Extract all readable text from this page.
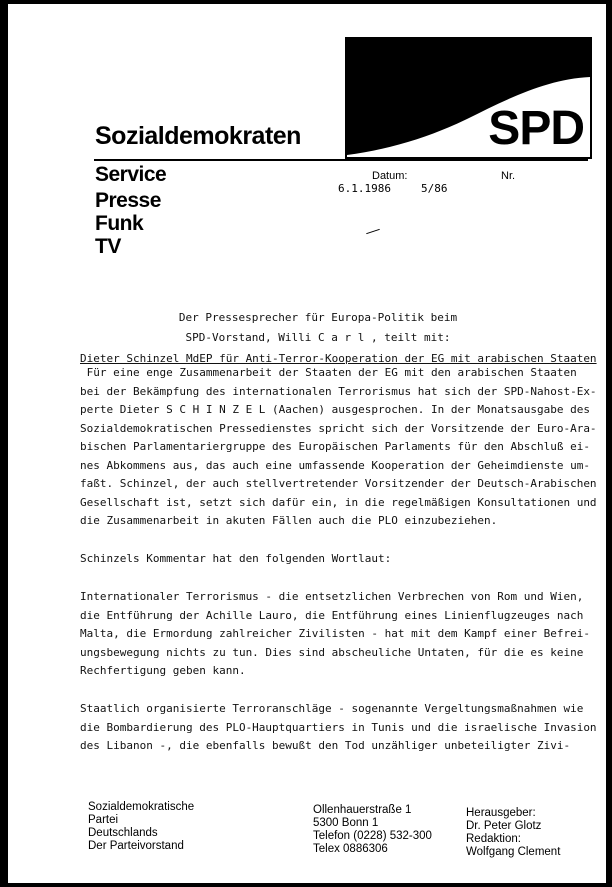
SPD
Sozialdemokraten
Service
Presse
Funk
TV
Datum:	Nr.
6.1.1986	5/86
Der Pressesprecher für Europa-Politik beim
SPD-Vorstand, Willi C a r l , teilt mit:
Dieter Schinzel MdEP für Anti-Terror-Kooperation der EG mit arabischen Staaten
Für eine enge Zusammenarbeit der Staaten der EG mit den arabischen Staaten
bei der Bekämpfung des internationalen Terrorismus hat sich der SPD-Nahost-Ex-
perte Dieter S C H I N Z E L (Aachen) ausgesprochen. In der Monatsausgabe des
Sozialdemokratischen Pressedienstes spricht sich der Vorsitzende der Euro-Ara-
bischen Parlamentariergruppe des Europäischen Parlaments für den Abschluß ei-
nes Abkommens aus, das auch eine umfassende Kooperation der Geheimdienste um-
faßt. Schinzel, der auch stellvertretender Vorsitzender der Deutsch-Arabischen
Gesellschaft ist, setzt sich dafür ein, in die regelmäßigen Konsultationen und
die Zusammenarbeit in akuten Fällen auch die PLO einzubeziehen.
Schinzels Kommentar hat den folgenden Wortlaut:
Internationaler Terrorismus - die entsetzlichen Verbrechen von Rom und Wien,
die Entführung der Achille Lauro, die Entführung eines Linienflugzeuges nach
Malta, die Ermordung zahlreicher Zivilisten - hat mit dem Kampf einer Befrei-
ungsbewegung nichts zu tun. Dies sind abscheuliche Untaten, für die es keine
Rechfertigung geben kann.
Staatlich organisierte Terroranschläge - sogenannte Vergeltungsmaßnahmen wie
die Bombardierung des PLO-Hauptquartiers in Tunis und die israelische Invasion
des Libanon -, die ebenfalls bewußt den Tod unzähliger unbeteiligter Zivi-
Sozialdemokratische
Partei
Deutschlands
Der Parteivorstand
Ollenhauerstraße 1
5300 Bonn 1
Telefon (0228) 532-300
Telex 0886306
Herausgeber:
Dr. Peter Glotz
Redaktion:
Wolfgang Clement
